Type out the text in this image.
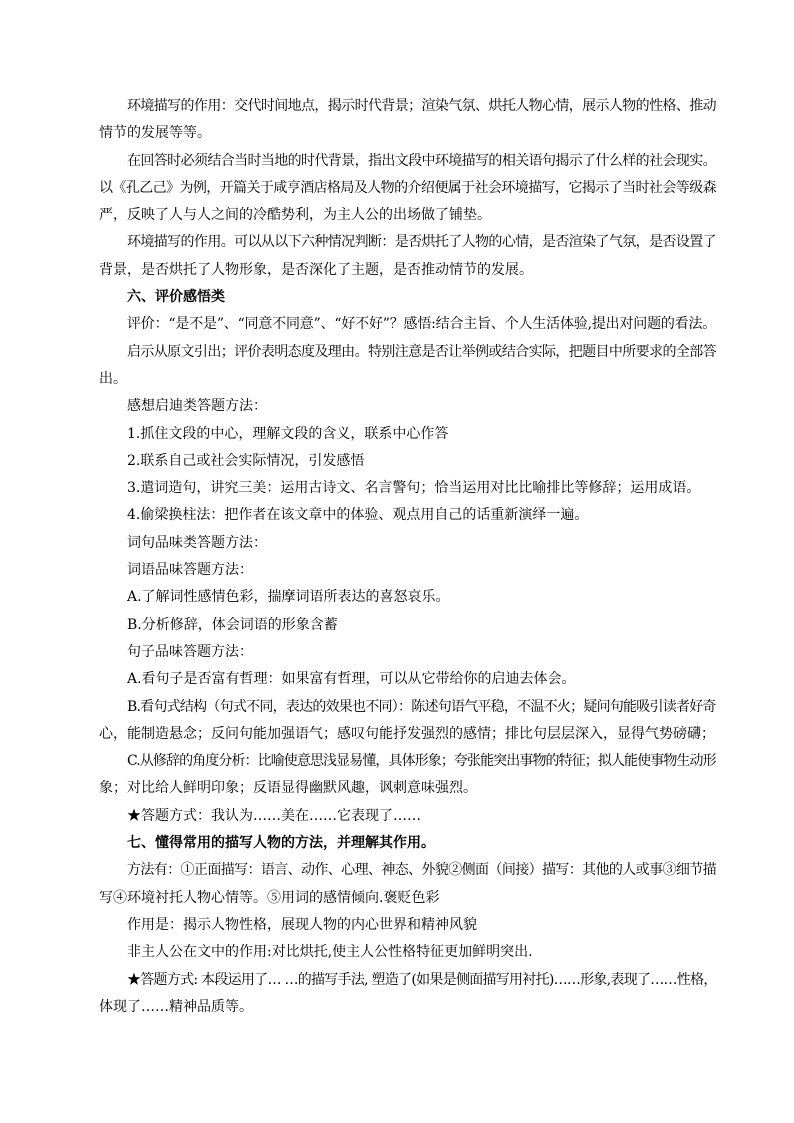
环境描写的作用：交代时间地点，揭示时代背景；渲染气氛、烘托人物心情，展示人物的性格、推动
情节的发展等等。
在回答时必须结合当时当地的时代背景，指出文段中环境描写的相关语句揭示了什么样的社会现实。
以《孔乙己》为例，开篇关于咸亨酒店格局及人物的介绍便属于社会环境描写，它揭示了当时社会等级森
严，反映了人与人之间的冷酷势利，为主人公的出场做了铺垫。
环境描写的作用。可以从以下六种情况判断：是否烘托了人物的心情，是否渲染了气氛，是否设置了
背景，是否烘托了人物形象，是否深化了主题，是否推动情节的发展。
六、评价感悟类
评价：“是不是”、“同意不同意”、“好不好”？感悟:结合主旨、个人生活体验,提出对问题的看法。
启示从原文引出；评价表明态度及理由。特别注意是否让举例或结合实际，把题目中所要求的全部答
出。
感想启迪类答题方法：
1.抓住文段的中心，理解文段的含义，联系中心作答
2.联系自己或社会实际情况，引发感悟
3.遣词造句，讲究三美：运用古诗文、名言警句；恰当运用对比比喻排比等修辞；运用成语。
4.偷梁换柱法：把作者在该文章中的体验、观点用自己的话重新演绎一遍。
词句品味类答题方法：
词语品味答题方法：
A.了解词性感情色彩，揣摩词语所表达的喜怒哀乐。
B.分析修辞，体会词语的形象含蓄
句子品味答题方法：
A.看句子是否富有哲理：如果富有哲理，可以从它带给你的启迪去体会。
B.看句式结构（句式不同，表达的效果也不同）：陈述句语气平稳，不温不火；疑问句能吸引读者好奇
心，能制造悬念；反问句能加强语气；感叹句能抒发强烈的感情；排比句层层深入，显得气势磅礴；
C.从修辞的角度分析：比喻使意思浅显易懂，具体形象；夸张能突出事物的特征；拟人能使事物生动形
象；对比给人鲜明印象；反语显得幽默风趣，讽刺意味强烈。
★答题方式：我认为……美在……它表现了……
七、懂得常用的描写人物的方法，并理解其作用。
方法有：①正面描写：语言、动作、心理、神态、外貌②侧面（间接）描写：其他的人或事③细节描
写④环境衬托人物心情等。⑤用词的感情倾向.褒贬色彩
作用是：揭示人物性格，展现人物的内心世界和精神风貌
非主人公在文中的作用:对比烘托,使主人公性格特征更加鲜明突出.
★答题方式: 本段运用了… …的描写手法, 塑造了(如果是侧面描写用衬托)……形象,表现了……性格，
体现了……精神品质等。
